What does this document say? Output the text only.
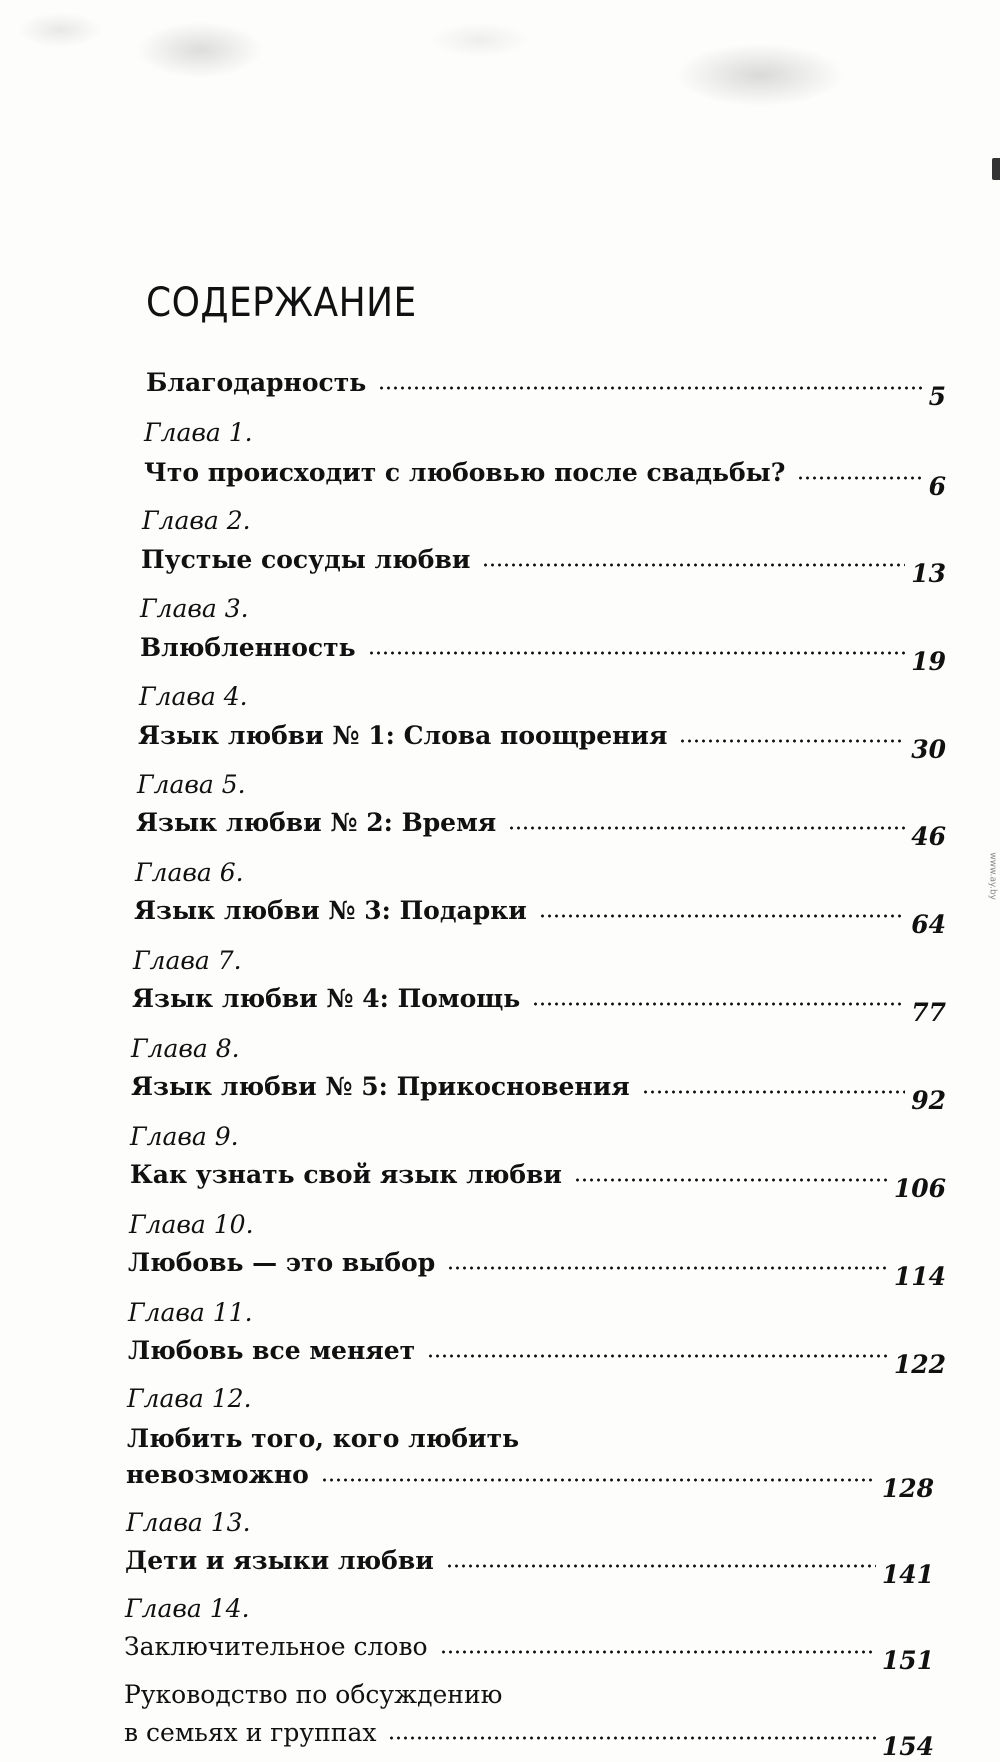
СОДЕРЖАНИЕ
Благодарность	5
Глава 1.
Что происходит с любовью после свадьбы?	6
Глава 2.
Пустые сосуды любви	13
Глава 3.
Влюбленность	19
Глава 4.
Язык любви № 1: Слова поощрения	30
Глава 5.
Язык любви № 2: Время	46
Глава 6.
Язык любви № 3: Подарки	64
Глава 7.
Язык любви № 4: Помощь	77
Глава 8.
Язык любви № 5: Прикосновения	92
Глава 9.
Как узнать свой язык любви	106
Глава 10.
Любовь — это выбор	114
Глава 11.
Любовь все меняет	122
Глава 12.
Любить того, кого любить
невозможно	128
Глава 13.
Дети и языки любви	141
Глава 14.
Заключительное слово	151
Руководство по обсуждению
в семьях и группах	154
www.ay.by
